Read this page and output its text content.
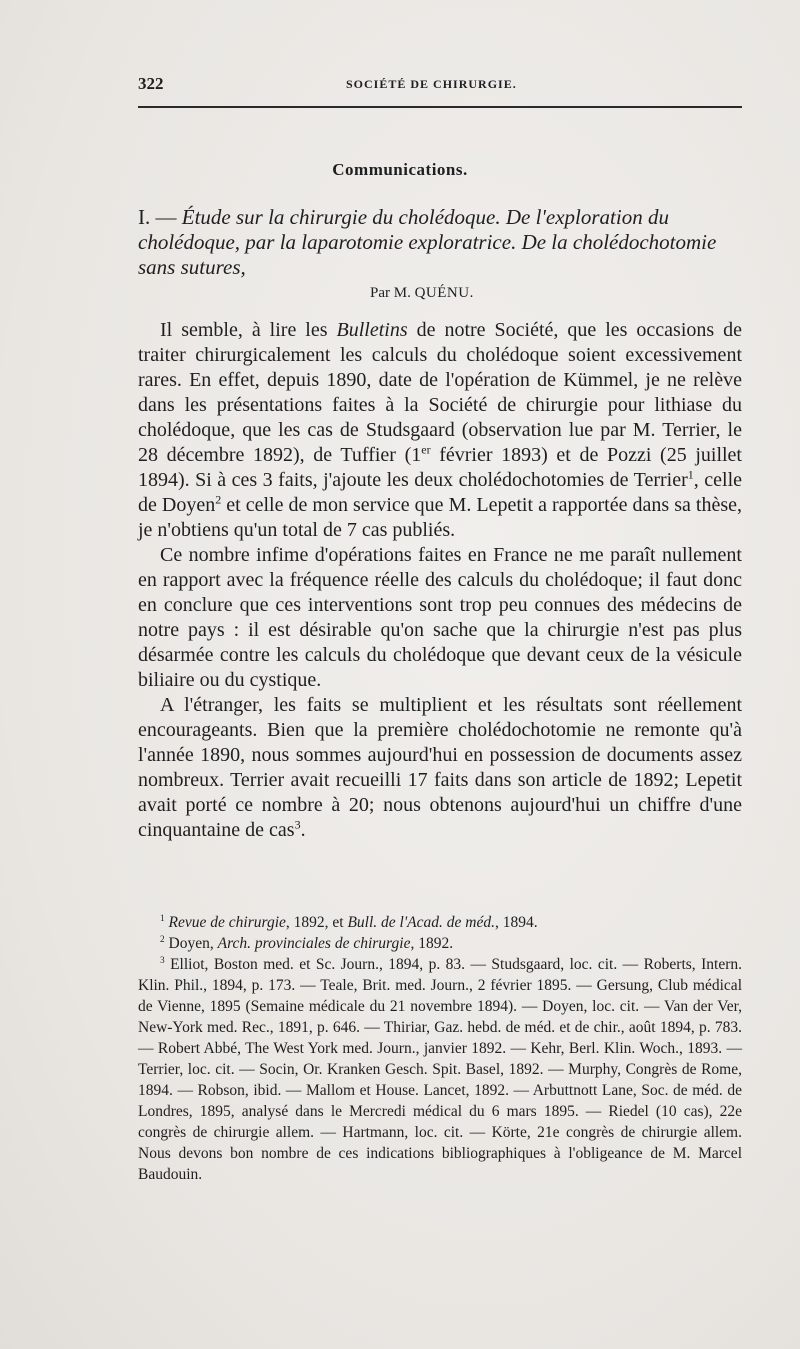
322	SOCIÉTÉ DE CHIRURGIE.
Communications.
I. — Étude sur la chirurgie du cholédoque. De l'exploration du cholédoque, par la laparotomie exploratrice. De la cholédochotomie sans sutures,
Par M. QUÉNU.

Il semble, à lire les Bulletins de notre Société, que les occasions de traiter chirurgicalement les calculs du cholédoque soient excessivement rares. En effet, depuis 1890, date de l'opération de Kümmel, je ne relève dans les présentations faites à la Société de chirurgie pour lithiase du cholédoque, que les cas de Studsgaard (observation lue par M. Terrier, le 28 décembre 1892), de Tuffier (1er février 1893) et de Pozzi (25 juillet 1894). Si à ces 3 faits, j'ajoute les deux cholédochotomies de Terrier$^1$, celle de Doyen$^2$ et celle de mon service que M. Lepetit a rapportée dans sa thèse, je n'obtiens qu'un total de 7 cas publiés.

Ce nombre infime d'opérations faites en France ne me paraît nullement en rapport avec la fréquence réelle des calculs du cholédoque; il faut donc en conclure que ces interventions sont trop peu connues des médecins de notre pays : il est désirable qu'on sache que la chirurgie n'est pas plus désarmée contre les calculs du cholédoque que devant ceux de la vésicule biliaire ou du cystique.

A l'étranger, les faits se multiplient et les résultats sont réellement encourageants. Bien que la première cholédochotomie ne remonte qu'à l'année 1890, nous sommes aujourd'hui en possession de documents assez nombreux. Terrier avait recueilli 17 faits dans son article de 1892; Lepetit avait porté ce nombre à 20; nous obtenons aujourd'hui un chiffre d'une cinquantaine de cas$^3$.

$^1$ Revue de chirurgie, 1892, et Bull. de l'Acad. de méd., 1894.

$^2$ Doyen, Arch. provinciales de chirurgie, 1892.

$^3$ Elliot, Boston med. et Sc. Journ., 1894, p. 83. — Studsgaard, loc. cit. — Roberts, Intern. Klin. Phil., 1894, p. 173. — Teale, Brit. med. Journ., 2 février 1895. — Gersung, Club médical de Vienne, 1895 (Semaine médicale du 21 novembre 1894). — Doyen, loc. cit. — Van der Ver, New-York med. Rec., 1891, p. 646. — Thiriar, Gaz. hebd. de méd. et de chir., août 1894, p. 783. — Robert Abbé, The West York med. Journ., janvier 1892. — Kehr, Berl. Klin. Woch., 1893. — Terrier, loc. cit. — Socin, Or. Kranken Gesch. Spit. Basel, 1892. — Murphy, Congrès de Rome, 1894. — Robson, ibid. — Mallom et House. Lancet, 1892. — Arbuttnott Lane, Soc. de méd. de Londres, 1895, analysé dans le Mercredi médical du 6 mars 1895. — Riedel (10 cas), 22e congrès de chirurgie allem. — Hartmann, loc. cit. — Körte, 21e congrès de chirurgie allem. Nous devons bon nombre de ces indications bibliographiques à l'obligeance de M. Marcel Baudouin.
